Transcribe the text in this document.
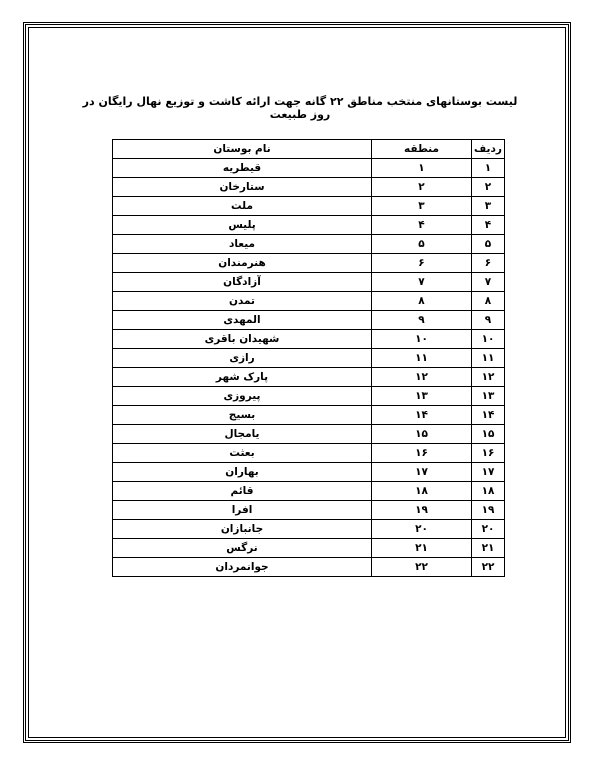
لیست بوستانهای منتخب مناطق ۲۲ گانه جهت ارائه کاشت و توزیع نهال رایگان در روز طبیعت
ردیف	منطقه	نام بوستان
۱	۱	قیطریه
۲	۲	ستارخان
۳	۳	ملت
۴	۴	پلیس
۵	۵	میعاد
۶	۶	هنرمندان
۷	۷	آزادگان
۸	۸	تمدن
۹	۹	المهدی
۱۰	۱۰	شهیدان باقری
۱۱	۱۱	رازی
۱۲	۱۲	پارک شهر
۱۳	۱۳	پیروزی
۱۴	۱۴	بسیج
۱۵	۱۵	یامجال
۱۶	۱۶	بعثت
۱۷	۱۷	بهاران
۱۸	۱۸	قائم
۱۹	۱۹	افرا
۲۰	۲۰	جانبازان
۲۱	۲۱	نرگس
۲۲	۲۲	جوانمردان
